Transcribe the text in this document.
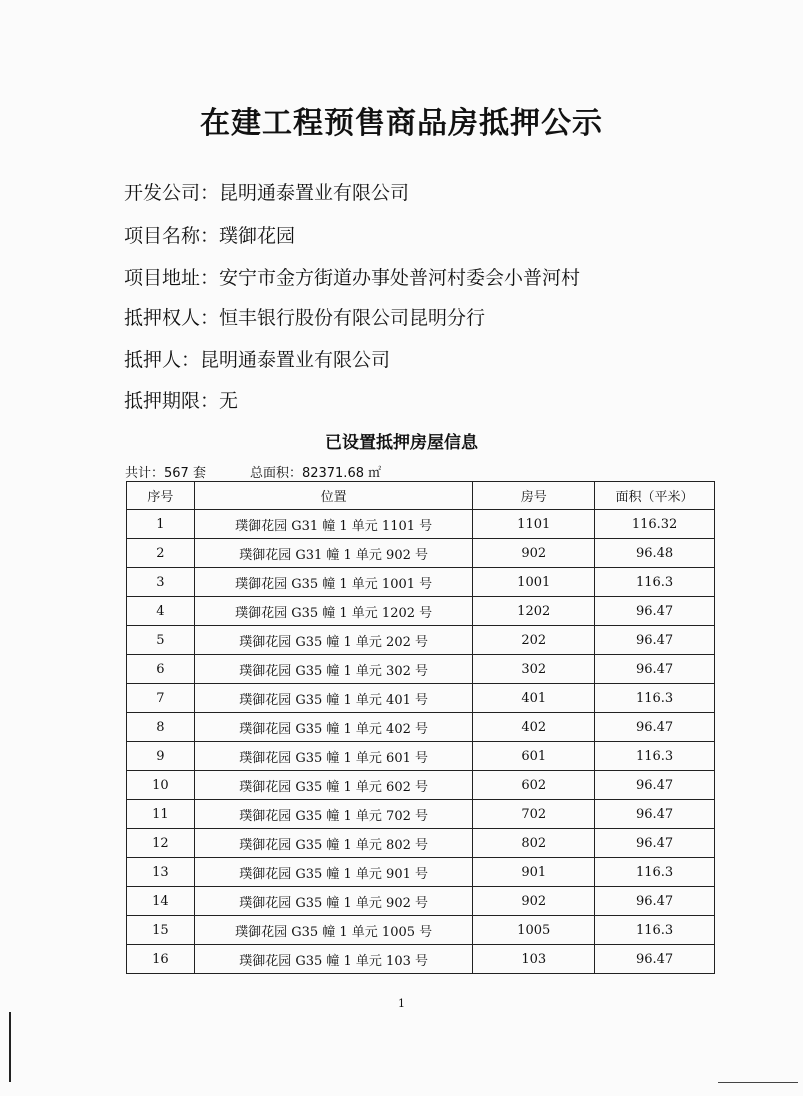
在建工程预售商品房抵押公示
开发公司：昆明通泰置业有限公司
项目名称：璞御花园
项目地址：安宁市金方街道办事处普河村委会小普河村
抵押权人：恒丰银行股份有限公司昆明分行
抵押人：昆明通泰置业有限公司
抵押期限：无
已设置抵押房屋信息
共计：567 套	总面积：82371.68 ㎡
序号	位置	房号	面积（平米）
1	璞御花园 G31 幢 1 单元 1101 号	1101	116.32
2	璞御花园 G31 幢 1 单元 902 号	902	96.48
3	璞御花园 G35 幢 1 单元 1001 号	1001	116.3
4	璞御花园 G35 幢 1 单元 1202 号	1202	96.47
5	璞御花园 G35 幢 1 单元 202 号	202	96.47
6	璞御花园 G35 幢 1 单元 302 号	302	96.47
7	璞御花园 G35 幢 1 单元 401 号	401	116.3
8	璞御花园 G35 幢 1 单元 402 号	402	96.47
9	璞御花园 G35 幢 1 单元 601 号	601	116.3
10	璞御花园 G35 幢 1 单元 602 号	602	96.47
11	璞御花园 G35 幢 1 单元 702 号	702	96.47
12	璞御花园 G35 幢 1 单元 802 号	802	96.47
13	璞御花园 G35 幢 1 单元 901 号	901	116.3
14	璞御花园 G35 幢 1 单元 902 号	902	96.47
15	璞御花园 G35 幢 1 单元 1005 号	1005	116.3
16	璞御花园 G35 幢 1 单元 103 号	103	96.47
1
